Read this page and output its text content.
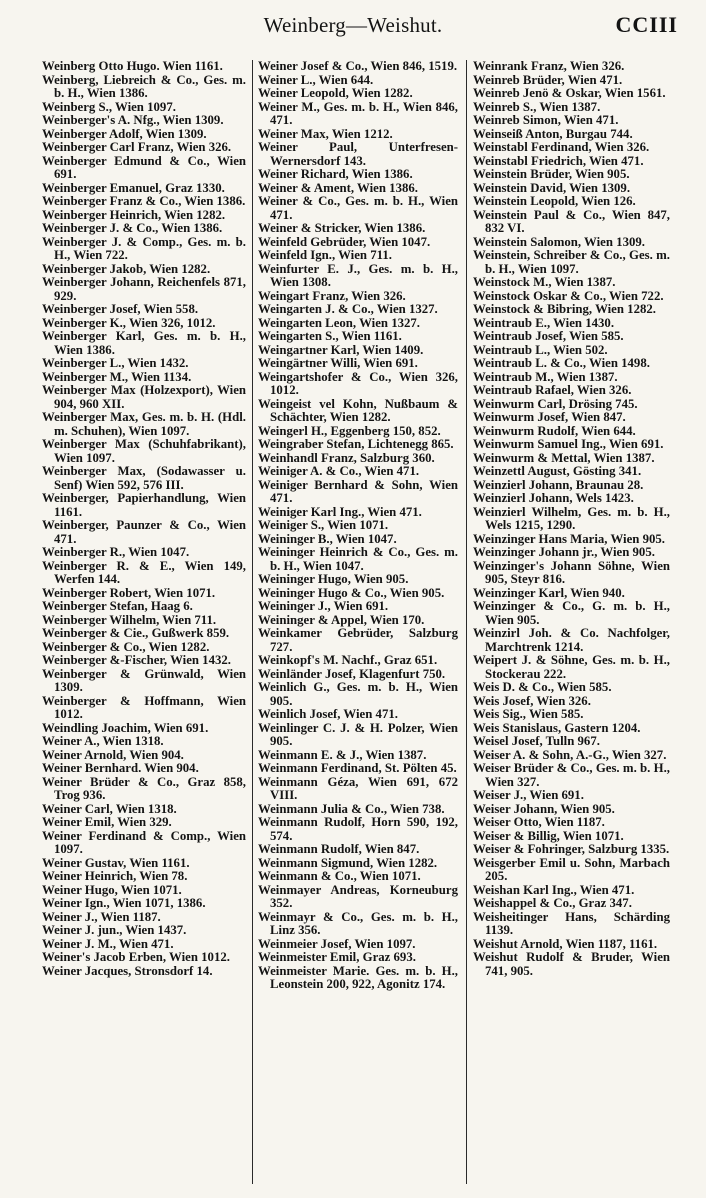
Weinberg—Weishut.	CCIII

Weinberg Otto Hugo. Wien 1161.

Weinberg, Liebreich & Co., Ges. m. b. H., Wien 1386.

Weinberg S., Wien 1097.

Weinberger's A. Nfg., Wien 1309.

Weinberger Adolf, Wien 1309.

Weinberger Carl Franz, Wien 326.

Weinberger Edmund & Co., Wien 691.

Weinberger Emanuel, Graz 1330.

Weinberger Franz & Co., Wien 1386.

Weinberger Heinrich, Wien 1282.

Weinberger J. & Co., Wien 1386.

Weinberger J. & Comp., Ges. m. b. H., Wien 722.

Weinberger Jakob, Wien 1282.

Weinberger Johann, Reichenfels 871, 929.

Weinberger Josef, Wien 558.

Weinberger K., Wien 326, 1012.

Weinberger Karl, Ges. m. b. H., Wien 1386.

Weinberger L., Wien 1432.

Weinberger M., Wien 1134.

Weinberger Max (Holzexport), Wien 904, 960 XII.

Weinberger Max, Ges. m. b. H. (Hdl. m. Schuhen), Wien 1097.

Weinberger Max (Schuhfabrikant), Wien 1097.

Weinberger Max, (Sodawasser u. Senf) Wien 592, 576 III.

Weinberger, Papierhandlung, Wien 1161.

Weinberger, Paunzer & Co., Wien 471.

Weinberger R., Wien 1047.

Weinberger R. & E., Wien 149, Werfen 144.

Weinberger Robert, Wien 1071.

Weinberger Stefan, Haag 6.

Weinberger Wilhelm, Wien 711.

Weinberger & Cie., Gußwerk 859.

Weinberger & Co., Wien 1282.

Weinberger &-Fischer, Wien 1432.

Weinberger & Grünwald, Wien 1309.

Weinberger & Hoffmann, Wien 1012.

Weindling Joachim, Wien 691.

Weiner A., Wien 1318.

Weiner Arnold, Wien 904.

Weiner Bernhard. Wien 904.

Weiner Brüder & Co., Graz 858, Trog 936.

Weiner Carl, Wien 1318.

Weiner Emil, Wien 329.

Weiner Ferdinand & Comp., Wien 1097.

Weiner Gustav, Wien 1161.

Weiner Heinrich, Wien 78.

Weiner Hugo, Wien 1071.

Weiner Ign., Wien 1071, 1386.

Weiner J., Wien 1187.

Weiner J. jun., Wien 1437.

Weiner J. M., Wien 471.

Weiner's Jacob Erben, Wien 1012.

Weiner Jacques, Stronsdorf 14.

Weiner Josef & Co., Wien 846, 1519.

Weiner L., Wien 644.

Weiner Leopold, Wien 1282.

Weiner M., Ges. m. b. H., Wien 846, 471.

Weiner Max, Wien 1212.

Weiner Paul, Unterfresen-Wernersdorf 143.

Weiner Richard, Wien 1386.

Weiner & Ament, Wien 1386.

Weiner & Co., Ges. m. b. H., Wien 471.

Weiner & Stricker, Wien 1386.

Weinfeld Gebrüder, Wien 1047.

Weinfeld Ign., Wien 711.

Weinfurter E. J., Ges. m. b. H., Wien 1308.

Weingart Franz, Wien 326.

Weingarten J. & Co., Wien 1327.

Weingarten Leon, Wien 1327.

Weingarten S., Wien 1161.

Weingartner Karl, Wien 1409.

Weingärtner Willi, Wien 691.

Weingartshofer & Co., Wien 326, 1012.

Weingeist vel Kohn, Nußbaum & Schächter, Wien 1282.

Weingerl H., Eggenberg 150, 852.

Weingraber Stefan, Lichtenegg 865.

Weinhandl Franz, Salzburg 360.

Weiniger A. & Co., Wien 471.

Weiniger Bernhard & Sohn, Wien 471.

Weiniger Karl Ing., Wien 471.

Weiniger S., Wien 1071.

Weininger B., Wien 1047.

Weininger Heinrich & Co., Ges. m. b. H., Wien 1047.

Weininger Hugo, Wien 905.

Weininger Hugo & Co., Wien 905.

Weininger J., Wien 691.

Weininger & Appel, Wien 170.

Weinkamer Gebrüder, Salzburg 727.

Weinkopf's M. Nachf., Graz 651.

Weinländer Josef, Klagenfurt 750.

Weinlich G., Ges. m. b. H., Wien 905.

Weinlich Josef, Wien 471.

Weinlinger C. J. & H. Polzer, Wien 905.

Weinmann E. & J., Wien 1387.

Weinmann Ferdinand, St. Pölten 45.

Weinmann Géza, Wien 691, 672 VIII.

Weinmann Julia & Co., Wien 738.

Weinmann Rudolf, Horn 590, 192, 574.

Weinmann Rudolf, Wien 847.

Weinmann Sigmund, Wien 1282.

Weinmann & Co., Wien 1071.

Weinmayer Andreas, Korneuburg 352.

Weinmayr & Co., Ges. m. b. H., Linz 356.

Weinmeier Josef, Wien 1097.

Weinmeister Emil, Graz 693.

Weinmeister Marie. Ges. m. b. H., Leonstein 200, 922, Agonitz 174.

Weinrank Franz, Wien 326.

Weinreb Brüder, Wien 471.

Weinreb Jenö & Oskar, Wien 1561.

Weinreb S., Wien 1387.

Weinreb Simon, Wien 471.

Weinseiß Anton, Burgau 744.

Weinstabl Ferdinand, Wien 326.

Weinstabl Friedrich, Wien 471.

Weinstein Brüder, Wien 905.

Weinstein David, Wien 1309.

Weinstein Leopold, Wien 126.

Weinstein Paul & Co., Wien 847, 832 VI.

Weinstein Salomon, Wien 1309.

Weinstein, Schreiber & Co., Ges. m. b. H., Wien 1097.

Weinstock M., Wien 1387.

Weinstock Oskar & Co., Wien 722.

Weinstock & Bibring, Wien 1282.

Weintraub E., Wien 1430.

Weintraub Josef, Wien 585.

Weintraub L., Wien 502.

Weintraub L. & Co., Wien 1498.

Weintraub M., Wien 1387.

Weintraub Rafael, Wien 326.

Weinwurm Carl, Drösing 745.

Weinwurm Josef, Wien 847.

Weinwurm Rudolf, Wien 644.

Weinwurm Samuel Ing., Wien 691.

Weinwurm & Mettal, Wien 1387.

Weinzettl August, Gösting 341.

Weinzierl Johann, Braunau 28.

Weinzierl Johann, Wels 1423.

Weinzierl Wilhelm, Ges. m. b. H., Wels 1215, 1290.

Weinzinger Hans Maria, Wien 905.

Weinzinger Johann jr., Wien 905.

Weinzinger's Johann Söhne, Wien 905, Steyr 816.

Weinzinger Karl, Wien 940.

Weinzinger & Co., G. m. b. H., Wien 905.

Weinzirl Joh. & Co. Nachfolger, Marchtrenk 1214.

Weipert J. & Söhne, Ges. m. b. H., Stockerau 222.

Weis D. & Co., Wien 585.

Weis Josef, Wien 326.

Weis Sig., Wien 585.

Weis Stanislaus, Gastern 1204.

Weisel Josef, Tulln 967.

Weiser A. & Sohn, A.-G., Wien 327.

Weiser Brüder & Co., Ges. m. b. H., Wien 327.

Weiser J., Wien 691.

Weiser Johann, Wien 905.

Weiser Otto, Wien 1187.

Weiser & Billig, Wien 1071.

Weiser & Fohringer, Salzburg 1335.

Weisgerber Emil u. Sohn, Marbach 205.

Weishan Karl Ing., Wien 471.

Weishappel & Co., Graz 347.

Weisheitinger Hans, Schärding 1139.

Weishut Arnold, Wien 1187, 1161.

Weishut Rudolf & Bruder, Wien 741, 905.
